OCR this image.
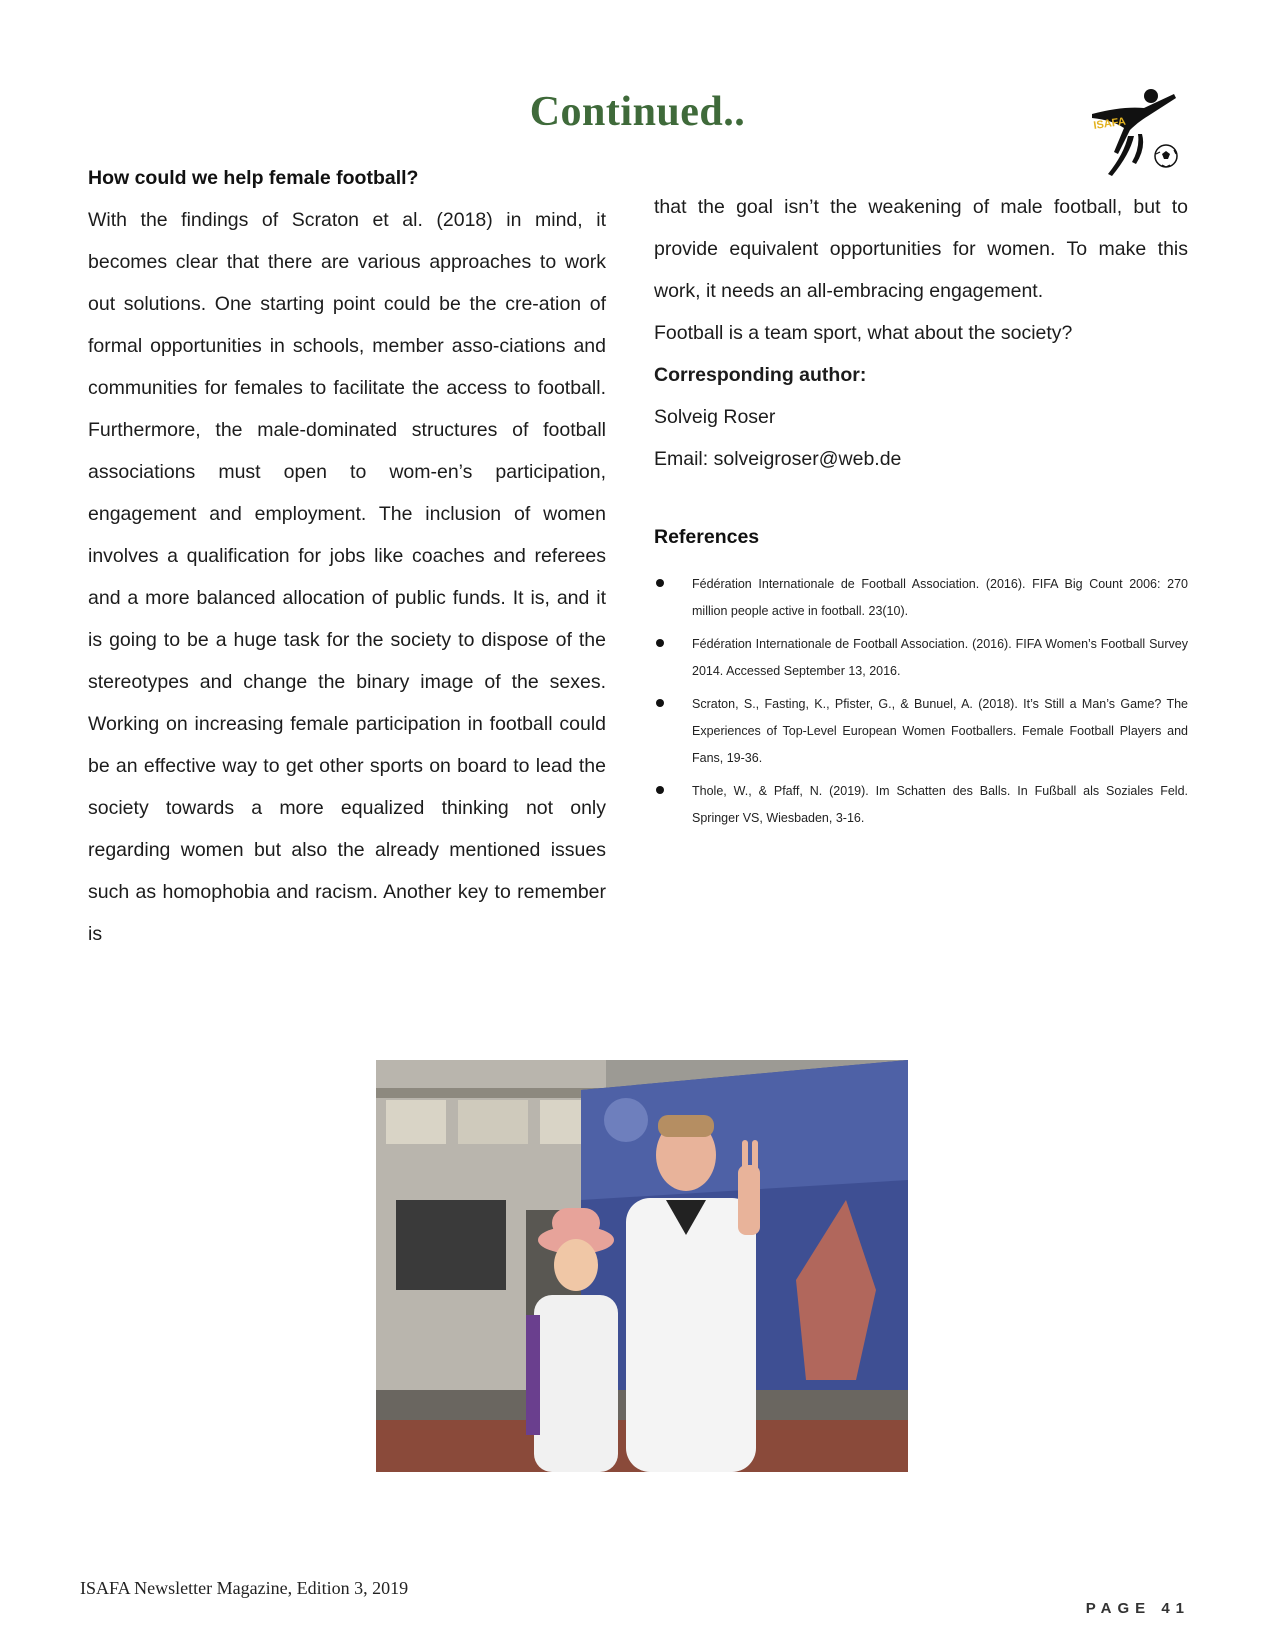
Continued..	ISAFA
How could we help female football?
With the findings of Scraton et al. (2018) in mind, it becomes clear that there are various approaches to work out solutions. One starting point could be the cre-ation of formal opportunities in schools, member asso-ciations and communities for females to facilitate the access to football. Furthermore, the male-dominated structures of football associations must open to wom-en’s participation, engagement and employment. The inclusion of women involves a qualification for jobs like coaches and referees and a more balanced allocation of public funds. It is, and it is going to be a huge task for the society to dispose of the stereotypes and change the binary image of the sexes. Working on increasing female participation in football could be an effective way to get other sports on board to lead the society towards a more equalized thinking not only regarding women but also the already mentioned issues such as homophobia and racism. Another key to remember is
that the goal isn’t the weakening of male football, but to provide equivalent opportunities for women. To make this work, it needs an all-embracing engagement.
Football is a team sport, what about the society?
Corresponding author:
Solveig Roser
Email: solveigroser@web.de
References
Fédération Internationale de Football Association. (2016). FIFA Big Count 2006: 270 million people active in football. 23(10).
Fédération Internationale de Football Association. (2016). FIFA Women’s Football Survey 2014. Accessed September 13, 2016.
Scraton, S., Fasting, K., Pfister, G., & Bunuel, A. (2018). It’s Still a Man’s Game? The Experiences of Top-Level European Women Footballers. Female Football Players and Fans, 19-36.
Thole, W., & Pfaff, N. (2019). Im Schatten des Balls. In Fußball als Soziales Feld. Springer VS, Wiesbaden, 3-16.
ISAFA Newsletter Magazine, Edition 3, 2019
PAGE 41
